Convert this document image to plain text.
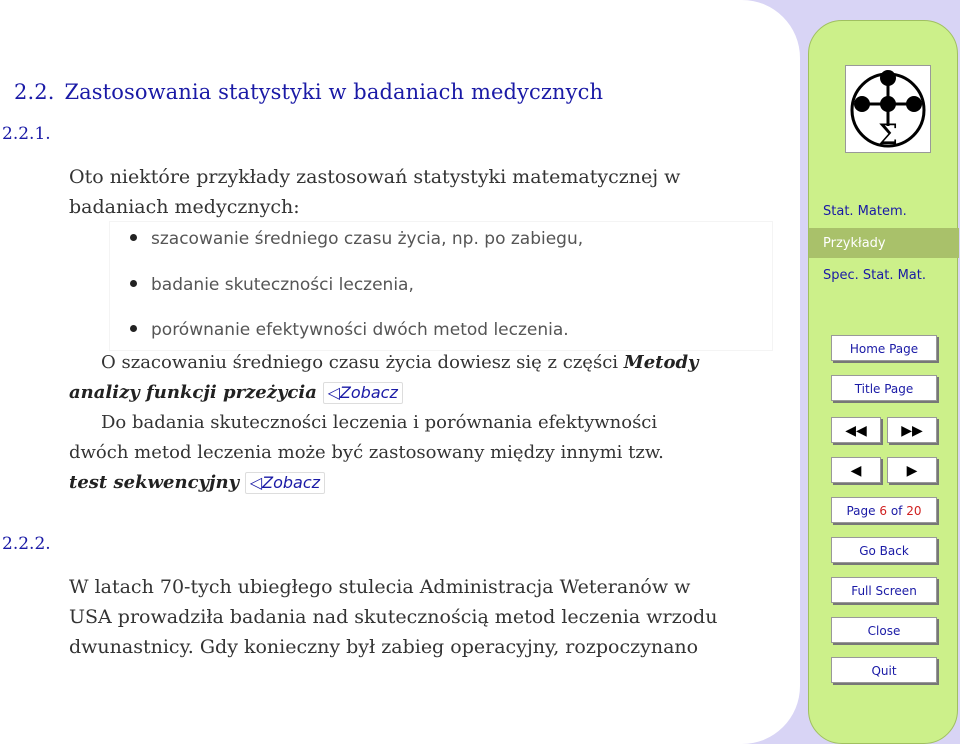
2.2. Zastosowania statystyki w badaniach medycznych
2.2.1.
Oto niektóre przykłady zastosowań statystyki matematycznej w
badaniach medycznych:
szacowanie średniego czasu życia, np. po zabiegu,
badanie skuteczności leczenia,
porównanie efektywności dwóch metod leczenia.
O szacowaniu średniego czasu życia dowiesz się z części Metody
analizy funkcji przeżycia ◁Zobacz
Do badania skuteczności leczenia i porównania efektywności
dwóch metod leczenia może być zastosowany między innymi tzw.
test sekwencyjny ◁Zobacz
2.2.2.
W latach 70-tych ubiegłego stulecia Administracja Weteranów w
USA prowadziła badania nad skutecznością metod leczenia wrzodu
dwunastnicy. Gdy konieczny był zabieg operacyjny, rozpoczynano
Σ
Stat. Matem.
Przykłady
Spec. Stat. Mat.
Home Page
Title Page
◀◀	▶▶
◀	▶
Page 6 of 20
Go Back
Full Screen
Close
Quit
